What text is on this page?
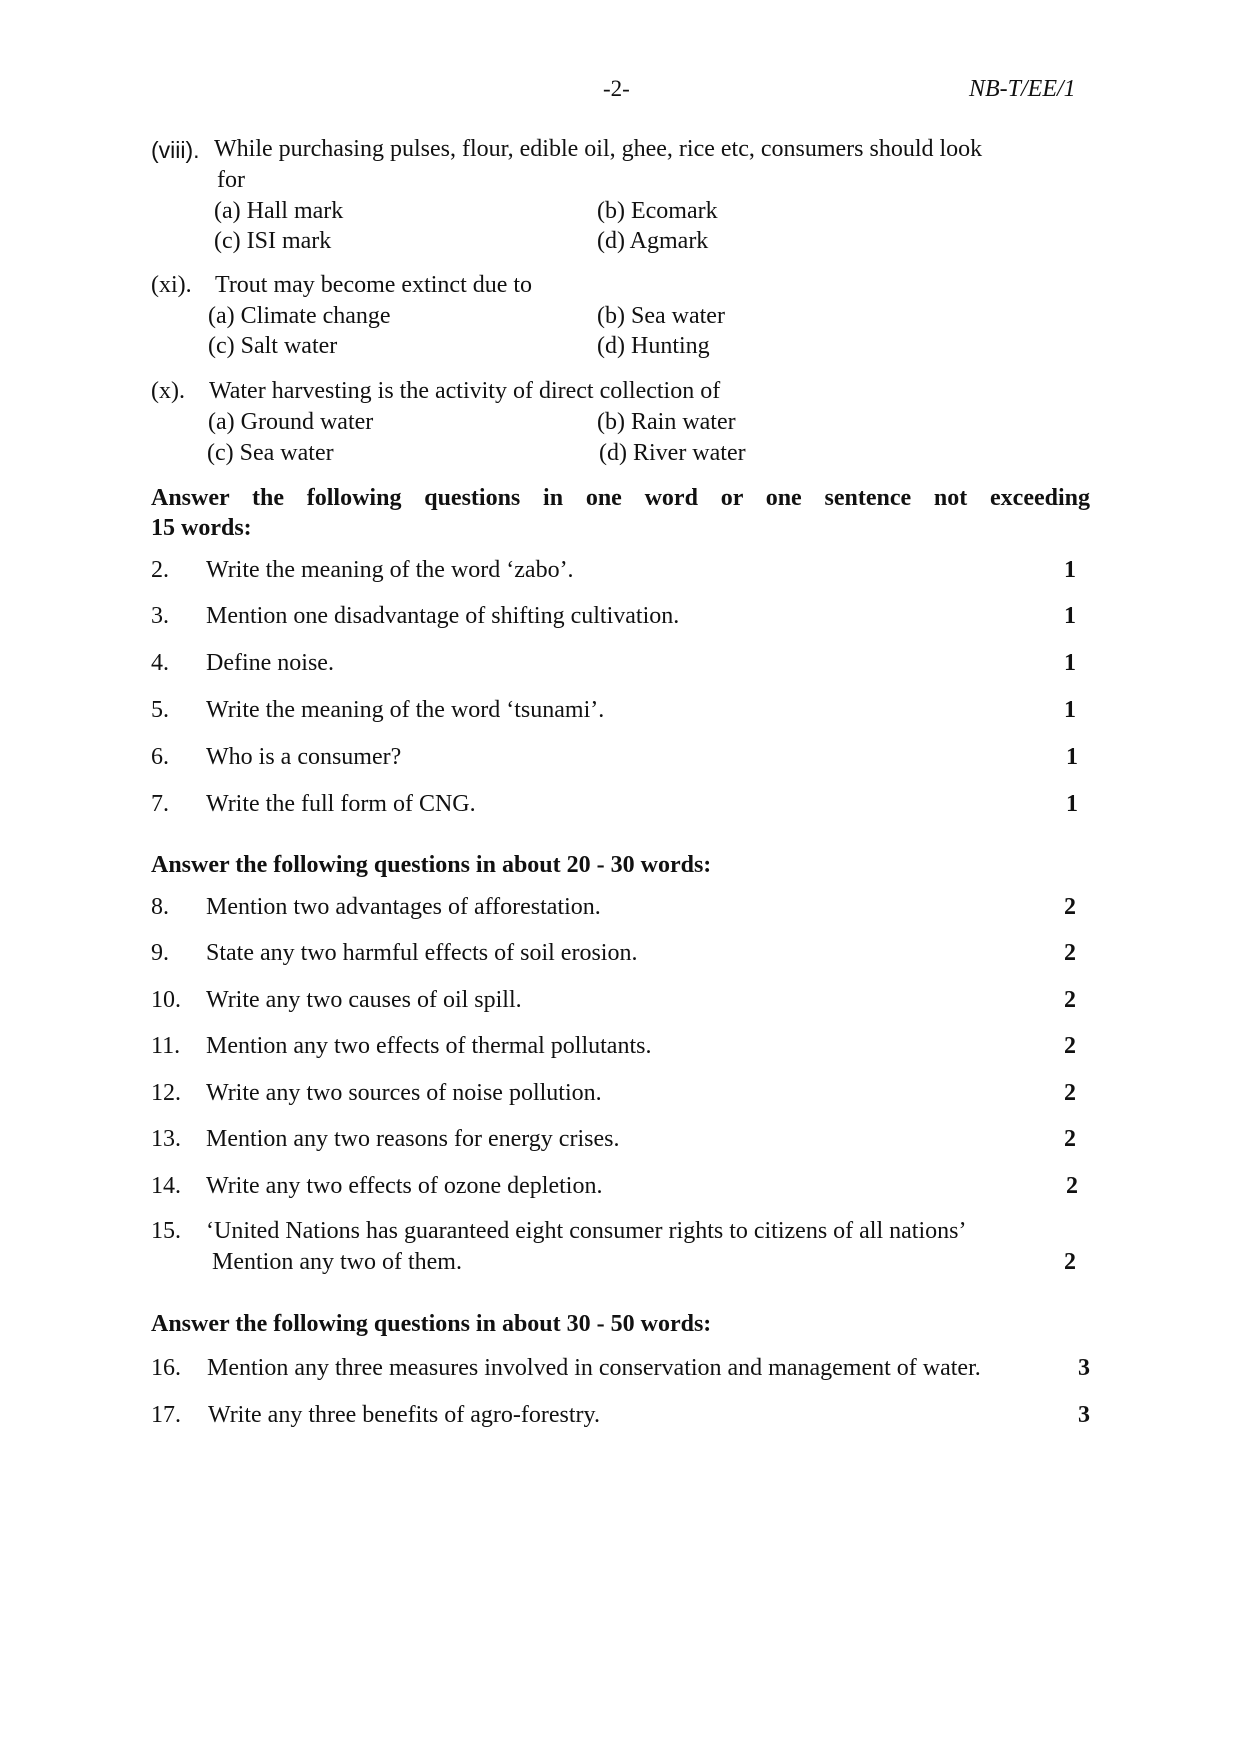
-2-	NB-T/EE/1
(viii). While purchasing pulses, flour, edible oil, ghee, rice etc, consumers should look
for
(a) Hall mark	(b) Ecomark
(c) ISI mark	(d) Agmark
(xi). Trout may become extinct due to
(a) Climate change	(b) Sea water
(c) Salt water	(d) Hunting
(x). Water harvesting is the activity of direct collection of
(a) Ground water	(b) Rain water
(c) Sea water	(d) River water
Answer the following questions in one word or one sentence not exceeding
15 words:
2. Write the meaning of the word ‘zabo’.	1
3. Mention one disadvantage of shifting cultivation.	1
4. Define noise.	1
5. Write the meaning of the word ‘tsunami’.	1
6. Who is a consumer?	1
7. Write the full form of CNG.	1
Answer the following questions in about 20 - 30 words:
8. Mention two advantages of afforestation.	2
9. State any two harmful effects of soil erosion.	2
10. Write any two causes of oil spill.	2
11. Mention any two effects of thermal pollutants.	2
12. Write any two sources of noise pollution.	2
13. Mention any two reasons for energy crises.	2
14. Write any two effects of ozone depletion.	2
15. ‘United Nations has guaranteed eight consumer rights to citizens of all nations’
Mention any two of them.	2
Answer the following questions in about 30 - 50 words:
16. Mention any three measures involved in conservation and management of water.	3
17. Write any three benefits of agro-forestry.	3
